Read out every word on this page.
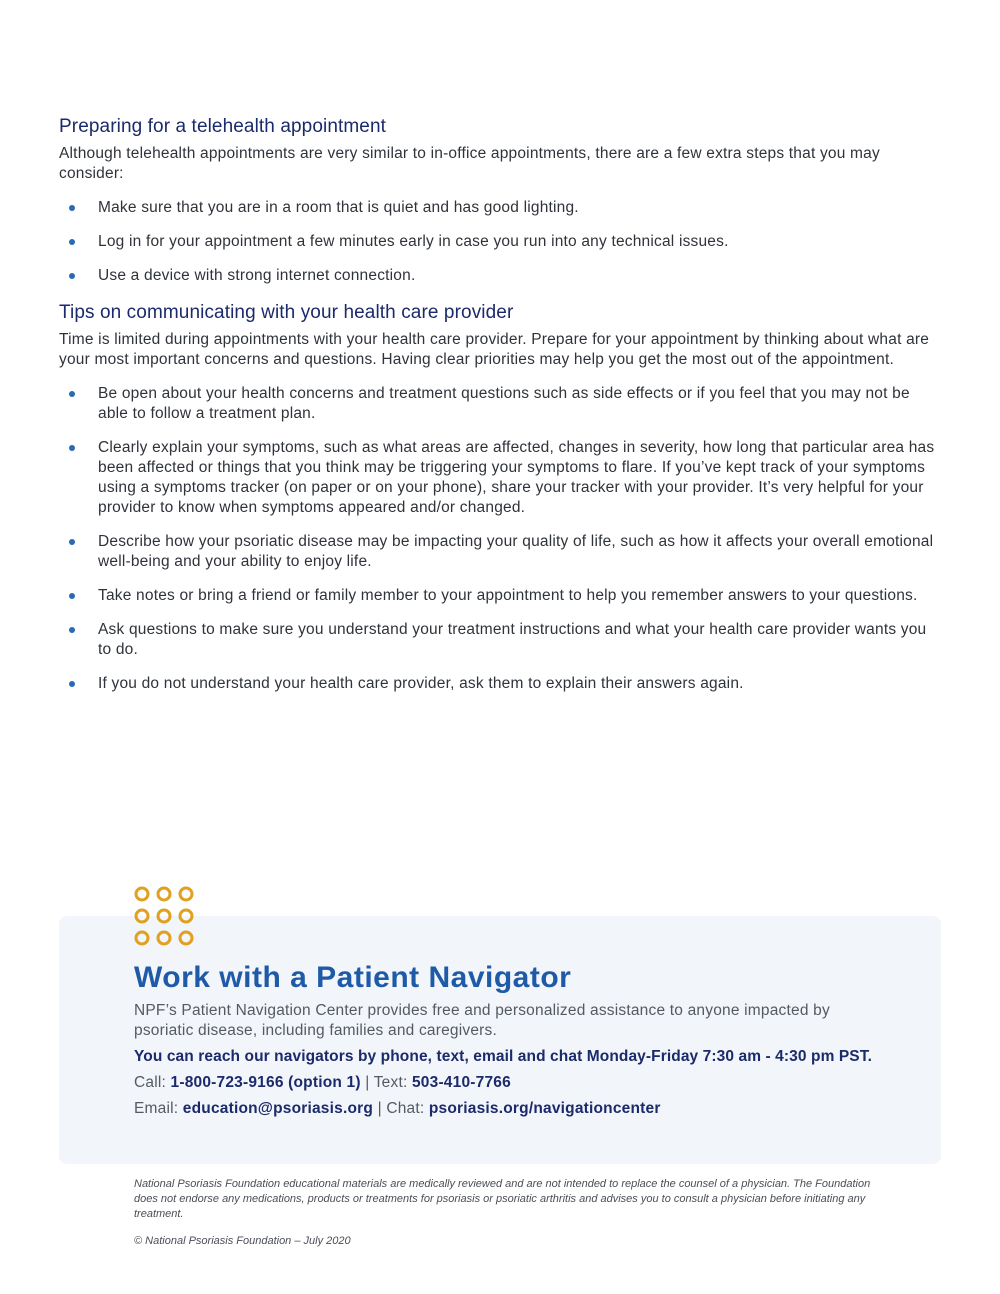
Preparing for a telehealth appointment

Although telehealth appointments are very similar to in-office appointments, there are a few extra steps that you may consider:

Make sure that you are in a room that is quiet and has good lighting.
Log in for your appointment a few minutes early in case you run into any technical issues.
Use a device with strong internet connection.
Tips on communicating with your health care provider

Time is limited during appointments with your health care provider. Prepare for your appointment by thinking about what are your most important concerns and questions. Having clear priorities may help you get the most out of the appointment.

Be open about your health concerns and treatment questions such as side effects or if you feel that you may not be able to follow a treatment plan.
Clearly explain your symptoms, such as what areas are affected, changes in severity, how long that particular area has been affected or things that you think may be triggering your symptoms to flare. If you’ve kept track of your symptoms using a symptoms tracker (on paper or on your phone), share your tracker with your provider. It’s very helpful for your provider to know when symptoms appeared and/or changed.
Describe how your psoriatic disease may be impacting your quality of life, such as how it affects your overall emotional well-being and your ability to enjoy life.
Take notes or bring a friend or family member to your appointment to help you remember answers to your questions.
Ask questions to make sure you understand your treatment instructions and what your health care provider wants you to do.
If you do not understand your health care provider, ask them to explain their answers again.
Work with a Patient Navigator

NPF’s Patient Navigation Center provides free and personalized assistance to anyone impacted by psoriatic disease, including families and caregivers.

You can reach our navigators by phone, text, email and chat Monday-Friday 7:30 am - 4:30 pm PST.

Call: 1-800-723-9166 (option 1) | Text: 503-410-7766

Email: education@psoriasis.org | Chat: psoriasis.org/navigationcenter

National Psoriasis Foundation educational materials are medically reviewed and are not intended to replace the counsel of a physician. The Foundation does not endorse any medications, products or treatments for psoriasis or psoriatic arthritis and advises you to consult a physician before initiating any treatment.

© National Psoriasis Foundation – July 2020
